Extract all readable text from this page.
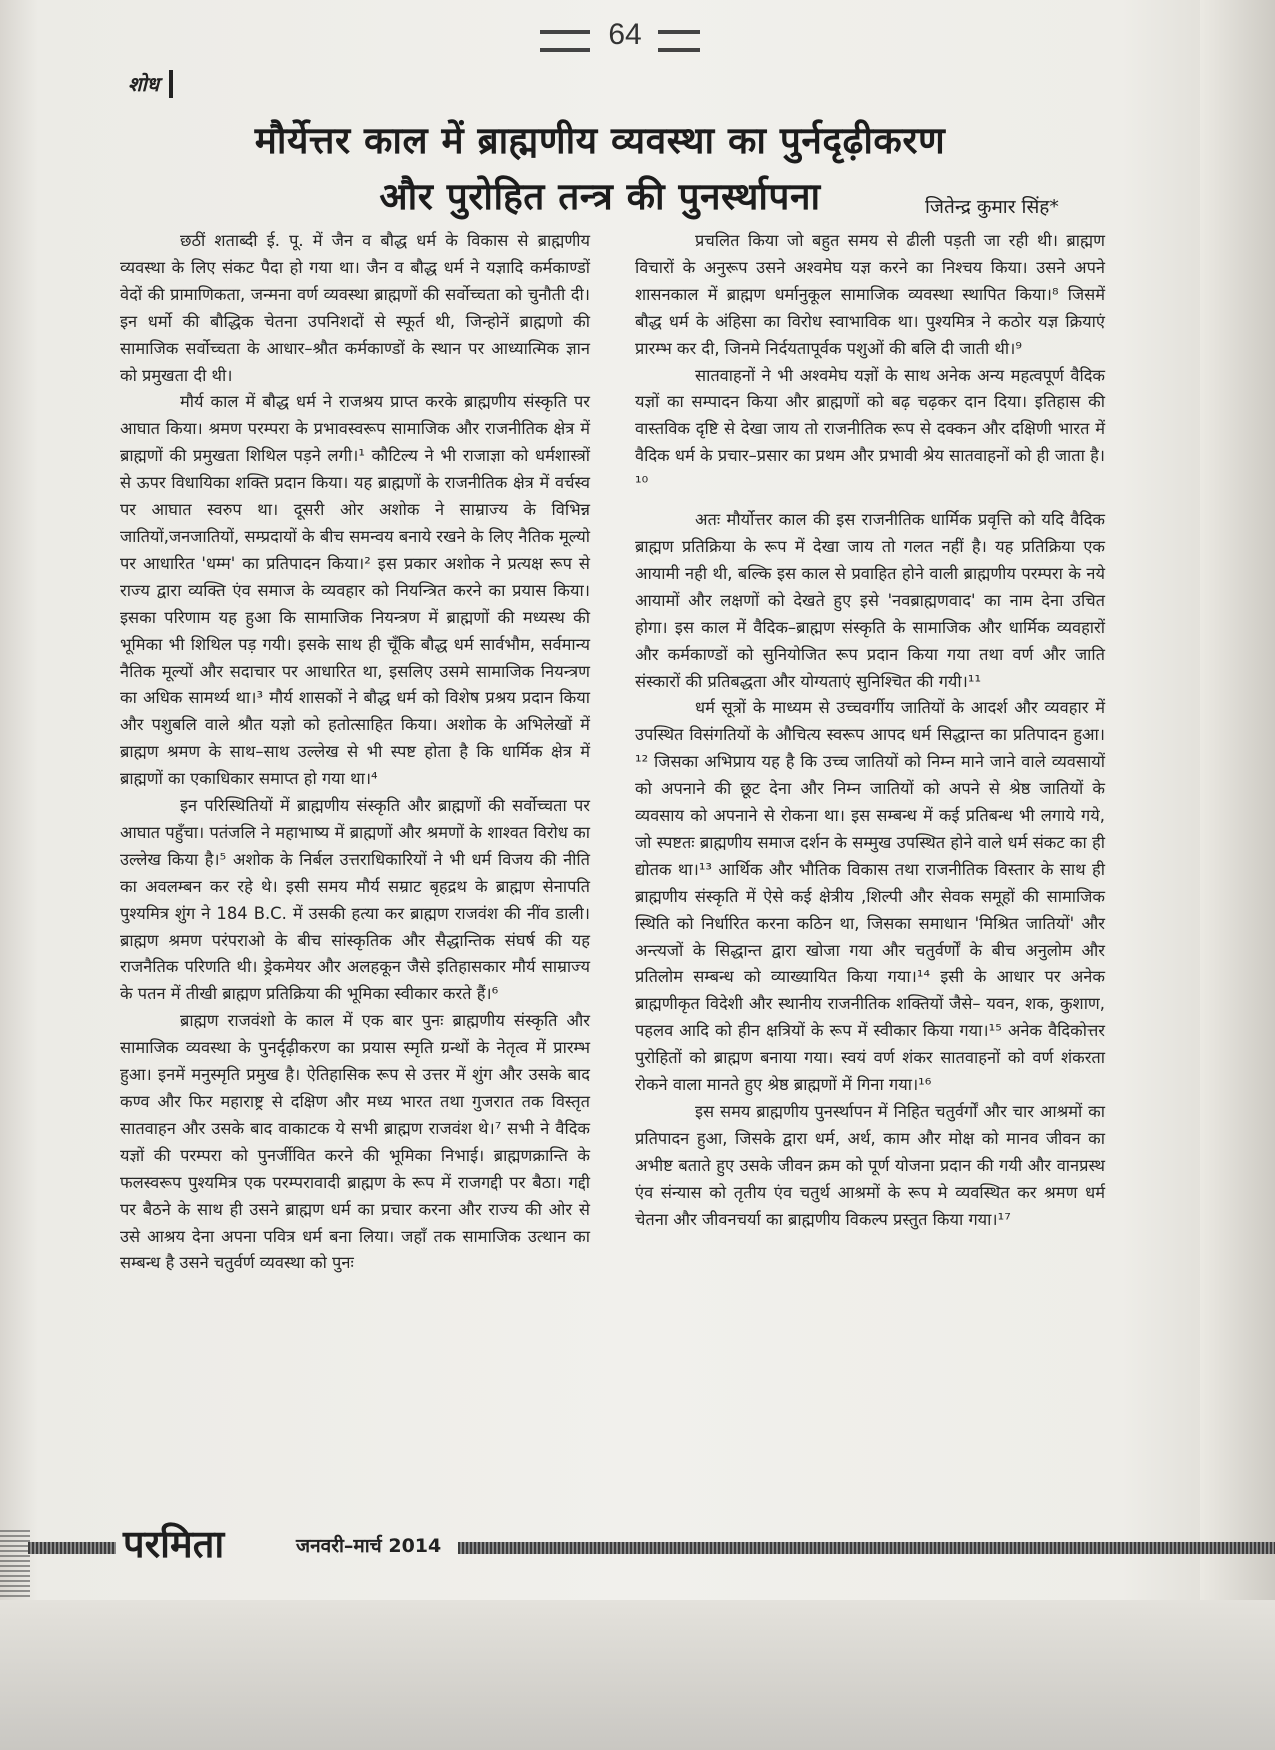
64
शोध
मौर्येत्तर काल में ब्राह्मणीय व्यवस्था का पुर्नदृढ़ीकरण
और पुरोहित तन्त्र की पुनर्स्थापना	जितेन्द्र कुमार सिंह*

छठीं शताब्दी ई. पू. में जैन व बौद्ध धर्म के विकास से ब्राह्मणीय व्यवस्था के लिए संकट पैदा हो गया था। जैन व बौद्ध धर्म ने यज्ञादि कर्मकाण्डों वेदों की प्रामाणिकता, जन्मना वर्ण व्यवस्था ब्राह्मणों की सर्वोच्चता को चुनौती दी। इन धर्मो की बौद्धिक चेतना उपनिशदों से स्फूर्त थी, जिन्होनें ब्राह्मणो की सामाजिक सर्वोच्चता के आधार–श्रौत कर्मकाण्डों के स्थान पर आध्यात्मिक ज्ञान को प्रमुखता दी थी।

मौर्य काल में बौद्ध धर्म ने राजश्रय प्राप्त करके ब्राह्मणीय संस्कृति पर आघात किया। श्रमण परम्परा के प्रभावस्वरूप सामाजिक और राजनीतिक क्षेत्र में ब्राह्मणों की प्रमुखता शिथिल पड़ने लगी।¹ कौटिल्य ने भी राजाज्ञा को धर्मशास्त्रों से ऊपर विधायिका शक्ति प्रदान किया। यह ब्राह्मणों के राजनीतिक क्षेत्र में वर्चस्व पर आघात स्वरुप था। दूसरी ओर अशोक ने साम्राज्य के विभिन्न जातियों,जनजातियों, सम्प्रदायों के बीच समन्वय बनाये रखने के लिए नैतिक मूल्यो पर आधारित 'धम्म' का प्रतिपादन किया।² इस प्रकार अशोक ने प्रत्यक्ष रूप से राज्य द्वारा व्यक्ति एंव समाज के व्यवहार को नियन्त्रित करने का प्रयास किया। इसका परिणाम यह हुआ कि सामाजिक नियन्त्रण में ब्राह्मणों की मध्यस्थ की भूमिका भी शिथिल पड़ गयी। इसके साथ ही चूँकि बौद्ध धर्म सार्वभौम, सर्वमान्य नैतिक मूल्यों और सदाचार पर आधारित था, इसलिए उसमे सामाजिक नियन्त्रण का अधिक सामर्थ्य था।³ मौर्य शासकों ने बौद्ध धर्म को विशेष प्रश्रय प्रदान किया और पशुबलि वाले श्रौत यज्ञो को हतोत्साहित किया। अशोक के अभिलेखों में ब्राह्मण श्रमण के साथ–साथ उल्लेख से भी स्पष्ट होता है कि धार्मिक क्षेत्र में ब्राह्मणों का एकाधिकार समाप्त हो गया था।⁴

इन परिस्थितियों में ब्राह्मणीय संस्कृति और ब्राह्मणों की सर्वोच्चता पर आघात पहुँचा। पतंजलि ने महाभाष्य में ब्राह्मणों और श्रमणों के शाश्वत विरोध का उल्लेख किया है।⁵ अशोक के निर्बल उत्तराधिकारियों ने भी धर्म विजय की नीति का अवलम्बन कर रहे थे। इसी समय मौर्य सम्राट बृहद्रथ के ब्राह्मण सेनापति पुश्यमित्र शुंग ने 184 B.C. में उसकी हत्या कर ब्राह्मण राजवंश की नींव डाली। ब्राह्मण श्रमण परंपराओ के बीच सांस्कृतिक और सैद्धान्तिक संघर्ष की यह राजनैतिक परिणति थी। ड्रेकमेयर और अलहकून जैसे इतिहासकार मौर्य साम्राज्य के पतन में तीखी ब्राह्मण प्रतिक्रिया की भूमिका स्वीकार करते हैं।⁶

ब्राह्मण राजवंशो के काल में एक बार पुनः ब्राह्मणीय संस्कृति और सामाजिक व्यवस्था के पुनर्दृढ़ीकरण का प्रयास स्मृति ग्रन्थों के नेतृत्व में प्रारम्भ हुआ। इनमें मनुस्मृति प्रमुख है। ऐतिहासिक रूप से उत्तर में शुंग और उसके बाद कण्व और फिर महाराष्ट्र से दक्षिण और मध्य भारत तथा गुजरात तक विस्तृत सातवाहन और उसके बाद वाकाटक ये सभी ब्राह्मण राजवंश थे।⁷ सभी ने वैदिक यज्ञों की परम्परा को पुनर्जीवित करने की भूमिका निभाई। ब्राह्मणक्रान्ति के फलस्वरूप पुश्यमित्र एक परम्परावादी ब्राह्मण के रूप में राजगद्दी पर बैठा। गद्दी पर बैठने के साथ ही उसने ब्राह्मण धर्म का प्रचार करना और राज्य की ओर से उसे आश्रय देना अपना पवित्र धर्म बना लिया। जहाँ तक सामाजिक उत्थान का सम्बन्ध है उसने चतुर्वर्ण व्यवस्था को पुनः

प्रचलित किया जो बहुत समय से ढीली पड़ती जा रही थी। ब्राह्मण विचारों के अनुरूप उसने अश्वमेघ यज्ञ करने का निश्चय किया। उसने अपने शासनकाल में ब्राह्मण धर्मानुकूल सामाजिक व्यवस्था स्थापित किया।⁸ जिसमें बौद्ध धर्म के अंहिसा का विरोध स्वाभाविक था। पुश्यमित्र ने कठोर यज्ञ क्रियाएं प्रारम्भ कर दी, जिनमे निर्दयतापूर्वक पशुओं की बलि दी जाती थी।⁹

सातवाहनों ने भी अश्वमेघ यज्ञों के साथ अनेक अन्य महत्वपूर्ण वैदिक यज्ञों का सम्पादन किया और ब्राह्मणों को बढ़ चढ़कर दान दिया। इतिहास की वास्तविक दृष्टि से देखा जाय तो राजनीतिक रूप से दक्कन और दक्षिणी भारत में वैदिक धर्म के प्रचार–प्रसार का प्रथम और प्रभावी श्रेय सातवाहनों को ही जाता है।¹⁰

अतः मौर्योत्तर काल की इस राजनीतिक धार्मिक प्रवृत्ति को यदि वैदिक ब्राह्मण प्रतिक्रिया के रूप में देखा जाय तो गलत नहीं है। यह प्रतिक्रिया एक आयामी नही थी, बल्कि इस काल से प्रवाहित होने वाली ब्राह्मणीय परम्परा के नये आयामों और लक्षणों को देखते हुए इसे 'नवब्राह्मणवाद' का नाम देना उचित होगा। इस काल में वैदिक–ब्राह्मण संस्कृति के सामाजिक और धार्मिक व्यवहारों और कर्मकाण्डों को सुनियोजित रूप प्रदान किया गया तथा वर्ण और जाति संस्कारों की प्रतिबद्धता और योग्यताएं सुनिश्चित की गयी।¹¹

धर्म सूत्रों के माध्यम से उच्चवर्गीय जातियों के आदर्श और व्यवहार में उपस्थित विसंगतियों के औचित्य स्वरूप आपद धर्म सिद्धान्त का प्रतिपादन हुआ।¹² जिसका अभिप्राय यह है कि उच्च जातियों को निम्न माने जाने वाले व्यवसायों को अपनाने की छूट देना और निम्न जातियों को अपने से श्रेष्ठ जातियों के व्यवसाय को अपनाने से रोकना था। इस सम्बन्ध में कई प्रतिबन्ध भी लगाये गये, जो स्पष्टतः ब्राह्मणीय समाज दर्शन के सम्मुख उपस्थित होने वाले धर्म संकट का ही द्योतक था।¹³ आर्थिक और भौतिक विकास तथा राजनीतिक विस्तार के साथ ही ब्राह्मणीय संस्कृति में ऐसे कई क्षेत्रीय ,शिल्पी और सेवक समूहों की सामाजिक स्थिति को निर्धारित करना कठिन था, जिसका समाधान 'मिश्रित जातियों' और अन्त्यजों के सिद्धान्त द्वारा खोजा गया और चतुर्वर्णों के बीच अनुलोम और प्रतिलोम सम्बन्ध को व्याख्यायित किया गया।¹⁴ इसी के आधार पर अनेक ब्राह्मणीकृत विदेशी और स्थानीय राजनीतिक शक्तियों जैसे– यवन, शक, कुशाण, पहलव आदि को हीन क्षत्रियों के रूप में स्वीकार किया गया।¹⁵ अनेक वैदिकोत्तर पुरोहितों को ब्राह्मण बनाया गया। स्वयं वर्ण शंकर सातवाहनों को वर्ण शंकरता रोकने वाला मानते हुए श्रेष्ठ ब्राह्मणों में गिना गया।¹⁶

इस समय ब्राह्मणीय पुनर्स्थापन में निहित चतुर्वर्गों और चार आश्रमों का प्रतिपादन हुआ, जिसके द्वारा धर्म, अर्थ, काम और मोक्ष को मानव जीवन का अभीष्ट बताते हुए उसके जीवन क्रम को पूर्ण योजना प्रदान की गयी और वानप्रस्थ एंव संन्यास को तृतीय एंव चतुर्थ आश्रमों के रूप मे व्यवस्थित कर श्रमण धर्म चेतना और जीवनचर्या का ब्राह्मणीय विकल्प प्रस्तुत किया गया।¹⁷

परमिता	जनवरी–मार्च 2014
